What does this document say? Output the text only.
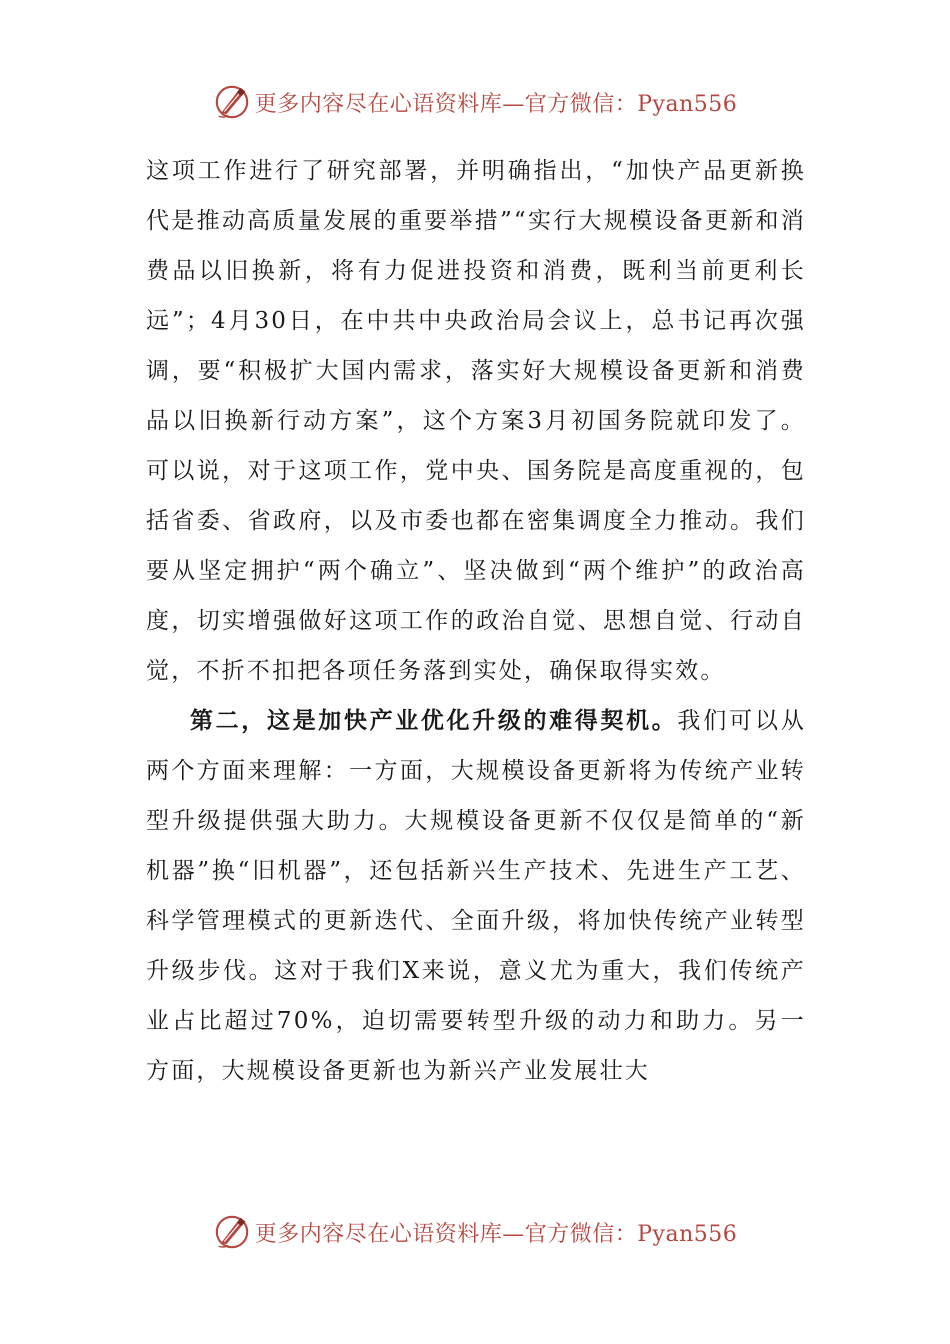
更多内容尽在心语资料库—官方微信：Pyan556

这项工作进行了研究部署，并明确指出，“加快产品更新换代是推动高质量发展的重要举措”“实行大规模设备更新和消费品以旧换新，将有力促进投资和消费，既利当前更利长远”；4月30日，在中共中央政治局会议上，总书记再次强调，要“积极扩大国内需求，落实好大规模设备更新和消费品以旧换新行动方案”，这个方案3月初国务院就印发了。可以说，对于这项工作，党中央、国务院是高度重视的，包括省委、省政府，以及市委也都在密集调度全力推动。我们要从坚定拥护“两个确立”、坚决做到“两个维护”的政治高度，切实增强做好这项工作的政治自觉、思想自觉、行动自觉，不折不扣把各项任务落到实处，确保取得实效。

第二，这是加快产业优化升级的难得契机。我们可以从两个方面来理解：一方面，大规模设备更新将为传统产业转型升级提供强大助力。大规模设备更新不仅仅是简单的“新机器”换“旧机器”，还包括新兴生产技术、先进生产工艺、科学管理模式的更新迭代、全面升级，将加快传统产业转型升级步伐。这对于我们X来说，意义尤为重大，我们传统产业占比超过70%，迫切需要转型升级的动力和助力。另一方面，大规模设备更新也为新兴产业发展壮大

更多内容尽在心语资料库—官方微信：Pyan556
